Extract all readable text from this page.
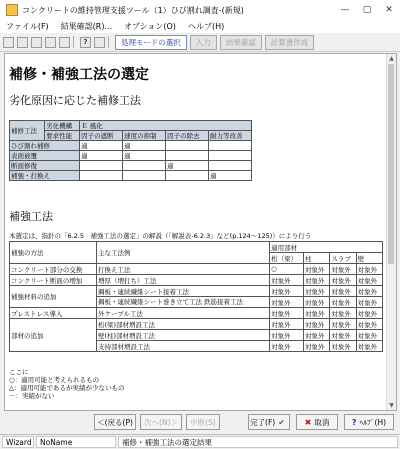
コンクリートの維持管理支援ツール（1）ひび割れ調査-(新規)	—	▢	✕
ファイル(F)	結果確認(R)...	オプション(O)	ヘルプ(H)
?	処理モードの選択	入力	結果確認	計算書作成
補修・補強工法の選定
劣化原因に応じた補修工法
補修工法	劣化機構	Ｅ 風化			
	要求性能	因子の遮断	速度の抑制	因子の除去	耐力等改善
ひび割れ補修		適	適		
表面被覆		適	適		
断面修復				適	
補強・打換え					適
補強工法
本選定は、指針の「6.2.5　補強工法の選定」の解説（「解説表-6.2.3」など(p.124～125)）により行う
補強の方法	主な工法例	適用部材			
		桁（梁）	柱	スラブ	壁
コンクリート部分の交換	打換え工法	○	対象外	対象外	対象外
コンクリート断面の増加	増厚（増打ち）工法	対象外	対象外	対象外	対象外
補強材料の追加	鋼板・連続繊維シート接着工法	対象外	対象外	対象外	対象外
	鋼板・連続繊維シート巻き立て工法 鉄筋接着工法	対象外	対象外	対象外	対象外
プレストレス導入	外ケーブル工法	対象外	対象外	対象外	対象外
部材の追加	桁(梁)部材増設工法	対象外	対象外	対象外	対象外
	壁(柱)部材増設工法	対象外	対象外	対象外	対象外
	支持部材増設工法	対象外	対象外	対象外	対象外
ここに
○：適用可能と考えられるもの
△：適用可能であるが実績が少ないもの
－：実績がない
▲
▼
＜(戻る(P)	次へ(N)＞	中断(S)	完了(F) ✔ ✖ 取消	? ﾍﾙﾌﾟ(H)
Wizard	NoName	補修・補強工法の選定結果
